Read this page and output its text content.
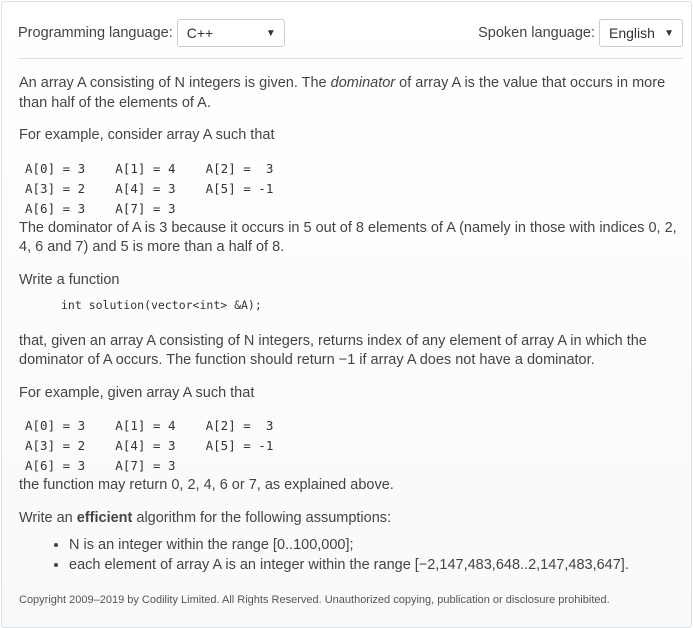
Programming language: C++	▼	Spoken language: English ▼

An array A consisting of N integers is given. The dominator of array A is the value that occurs in more than half of the elements of A.

For example, consider array A such that

A[0] = 3    A[1] = 4    A[2] =  3
A[3] = 2    A[4] = 3    A[5] = -1
A[6] = 3    A[7] = 3

The dominator of A is 3 because it occurs in 5 out of 8 elements of A (namely in those with indices 0, 2, 4, 6 and 7) and 5 is more than a half of 8.

Write a function

int solution(vector<int> &A);

that, given an array A consisting of N integers, returns index of any element of array A in which the dominator of A occurs. The function should return −1 if array A does not have a dominator.

For example, given array A such that

A[0] = 3    A[1] = 4    A[2] =  3
A[3] = 2    A[4] = 3    A[5] = -1
A[6] = 3    A[7] = 3

the function may return 0, 2, 4, 6 or 7, as explained above.

Write an efficient algorithm for the following assumptions:

• N is an integer within the range [0..100,000];
• each element of array A is an integer within the range [−2,147,483,648..2,147,483,647].
Copyright 2009–2019 by Codility Limited. All Rights Reserved. Unauthorized copying, publication or disclosure prohibited.
